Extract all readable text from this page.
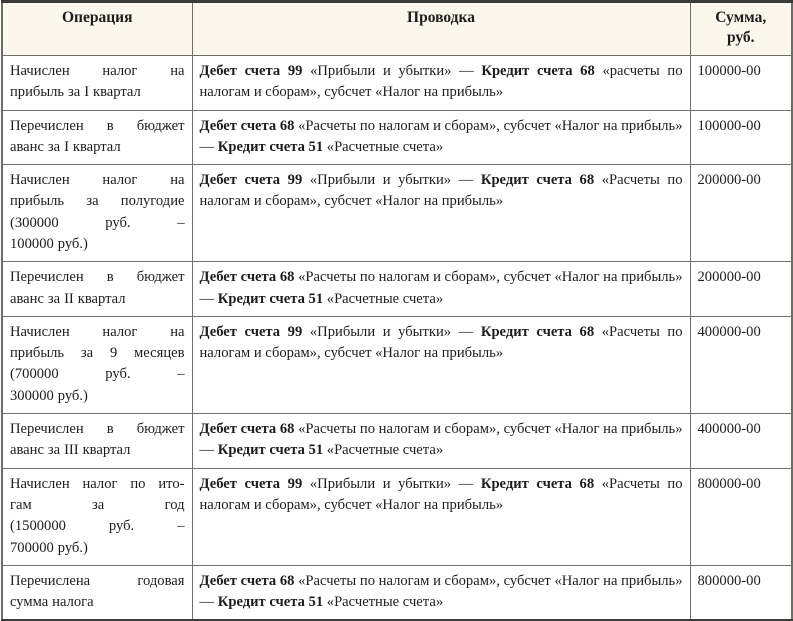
Операция	Проводка	Сумма,
руб.

Начислен налог на
прибыль за I квартал	Дебет счета 99 «Прибыли и убытки» — Кредит счета 68 «расчеты по налогам и сборам», субсчет «Налог на прибыль»	100000-00

Перечислен в бюджет
аванс за I квартал	Дебет счета 68 «Расчеты по налогам и сборам», субсчет «Налог на прибыль» — Кредит счета 51 «Расчетные счета»	100000-00

Начислен налог на
прибыль за полугодие
(300000 руб. –
100000 руб.)	Дебет счета 99 «Прибыли и убытки» — Кредит счета 68 «Расчеты по налогам и сборам», субсчет «Налог на прибыль»	200000-00

Перечислен в бюджет
аванс за II квартал	Дебет счета 68 «Расчеты по налогам и сборам», субсчет «Налог на прибыль» — Кредит счета 51 «Расчетные счета»	200000-00

Начислен налог на
прибыль за 9 месяцев
(700000 руб. –
300000 руб.)	Дебет счета 99 «Прибыли и убытки» — Кредит счета 68 «Расчеты по налогам и сборам», субсчет «Налог на прибыль»	400000-00

Перечислен в бюджет
аванс за III квартал	Дебет счета 68 «Расчеты по налогам и сборам», субсчет «Налог на прибыль» — Кредит счета 51 «Расчетные счета»	400000-00

Начислен налог по ито-
гам за год
(1500000 руб. –
700000 руб.)	Дебет счета 99 «Прибыли и убытки» — Кредит счета 68 «Расчеты по налогам и сборам», субсчет «Налог на прибыль»	800000-00

Перечислена годовая
сумма налога	Дебет счета 68 «Расчеты по налогам и сборам», субсчет «Налог на прибыль» — Кредит счета 51 «Расчетные счета»	800000-00
